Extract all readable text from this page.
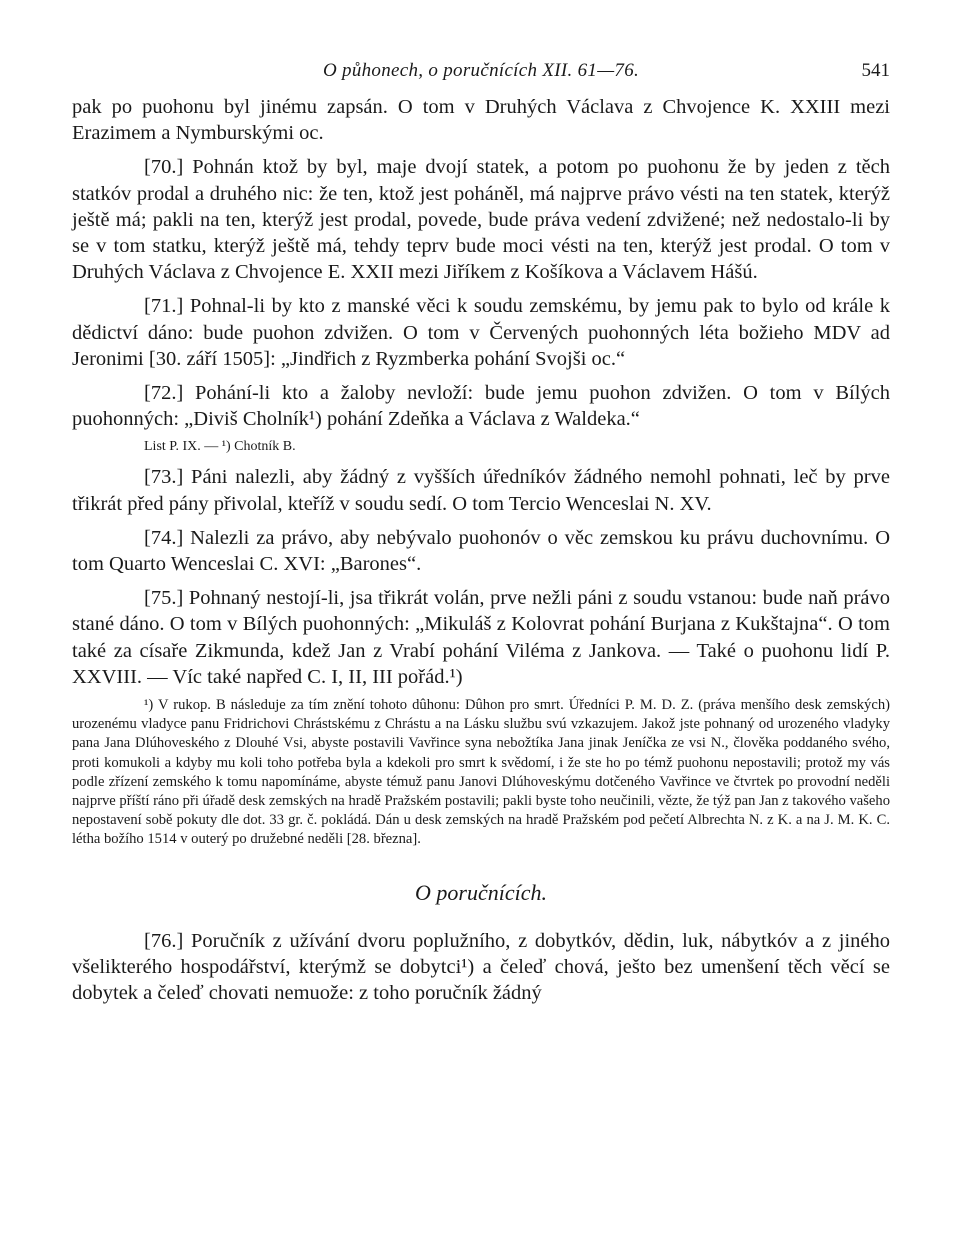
O půhonech, o poručnících XII. 61—76.	541

pak po puohonu byl jinému zapsán. O tom v Druhých Václava z Chvojence K. XXIII mezi Erazimem a Nymburskými oc.

[70.] Pohnán ktož by byl, maje dvojí statek, a potom po puohonu že by jeden z těch statkóv prodal a druhého nic: že ten, ktož jest poháněl, má najprve právo vésti na ten statek, kterýž ještě má; pakli na ten, kterýž jest prodal, povede, bude práva vedení zdvižené; než nedostalo-li by se v tom statku, kterýž ještě má, tehdy teprv bude moci vésti na ten, kterýž jest prodal. O tom v Druhých Václava z Chvojence E. XXII mezi Jiříkem z Košíkova a Václavem Hášú.

[71.] Pohnal-li by kto z manské věci k soudu zemskému, by jemu pak to bylo od krále k dědictví dáno: bude puohon zdvižen. O tom v Červených puohonných léta božieho MDV ad Jeronimi [30. září 1505]: „Jindřich z Ryzmberka pohání Svojši oc.“

[72.] Pohání-li kto a žaloby nevloží: bude jemu puohon zdvižen. O tom v Bílých puohonných: „Diviš Cholník¹) pohání Zdeňka a Václava z Waldeka.“

List P. IX. — ¹) Chotník B.

[73.] Páni nalezli, aby žádný z vyšších úředníkóv žádného nemohl pohnati, leč by prve třikrát před pány přivolal, kteříž v soudu sedí. O tom Tercio Wenceslai N. XV.

[74.] Nalezli za právo, aby nebývalo puohonóv o věc zemskou ku právu duchovnímu. O tom Quarto Wenceslai C. XVI: „Barones“.

[75.] Pohnaný nestojí-li, jsa třikrát volán, prve nežli páni z soudu vstanou: bude naň právo stané dáno. O tom v Bílých puohonných: „Mikuláš z Kolovrat pohání Burjana z Kukštajna“. O tom také za císaře Zikmunda, kdež Jan z Vrabí pohání Viléma z Jankova. — Také o puohonu lidí P. XXVIII. — Víc také napřed C. I, II, III pořád.¹)

¹) V rukop. B následuje za tím znění tohoto dûhonu: Dûhon pro smrt. Úředníci P. M. D. Z. (práva menšího desk zemských) urozenému vladyce panu Fridrichovi Chrástskému z Chrástu a na Lásku službu svú vzkazujem. Jakož jste pohnaný od urozeného vladyky pana Jana Dlúhoveského z Dlouhé Vsi, abyste postavili Vavřince syna nebožtíka Jana jinak Jeníčka ze vsi N., člověka poddaného svého, proti komukoli a kdyby mu koli toho potřeba byla a kdekoli pro smrt k svědomí, i že ste ho po témž puohonu nepostavili; protož my vás podle zřízení zemského k tomu napomínáme, abyste témuž panu Janovi Dlúhoveskýmu dotčeného Vavřince ve čtvrtek po provodní neděli najprve příští ráno při úřadě desk zemských na hradě Pražském postavili; pakli byste toho neučinili, vězte, že týž pan Jan z takového vašeho nepostavení sobě pokuty dle dot. 33 gr. č. pokládá. Dán u desk zemských na hradě Pražském pod pečetí Albrechta N. z K. a na J. M. K. C. létha božího 1514 v outerý po družebné neděli [28. března].

O poručnících.

[76.] Poručník z užívání dvoru poplužního, z dobytkóv, dědin, luk, nábytkóv a z jiného všelikterého hospodářství, kterýmž se dobytci¹) a čeleď chová, ješto bez umenšení těch věcí se dobytek a čeleď chovati nemuože: z toho poručník žádný
